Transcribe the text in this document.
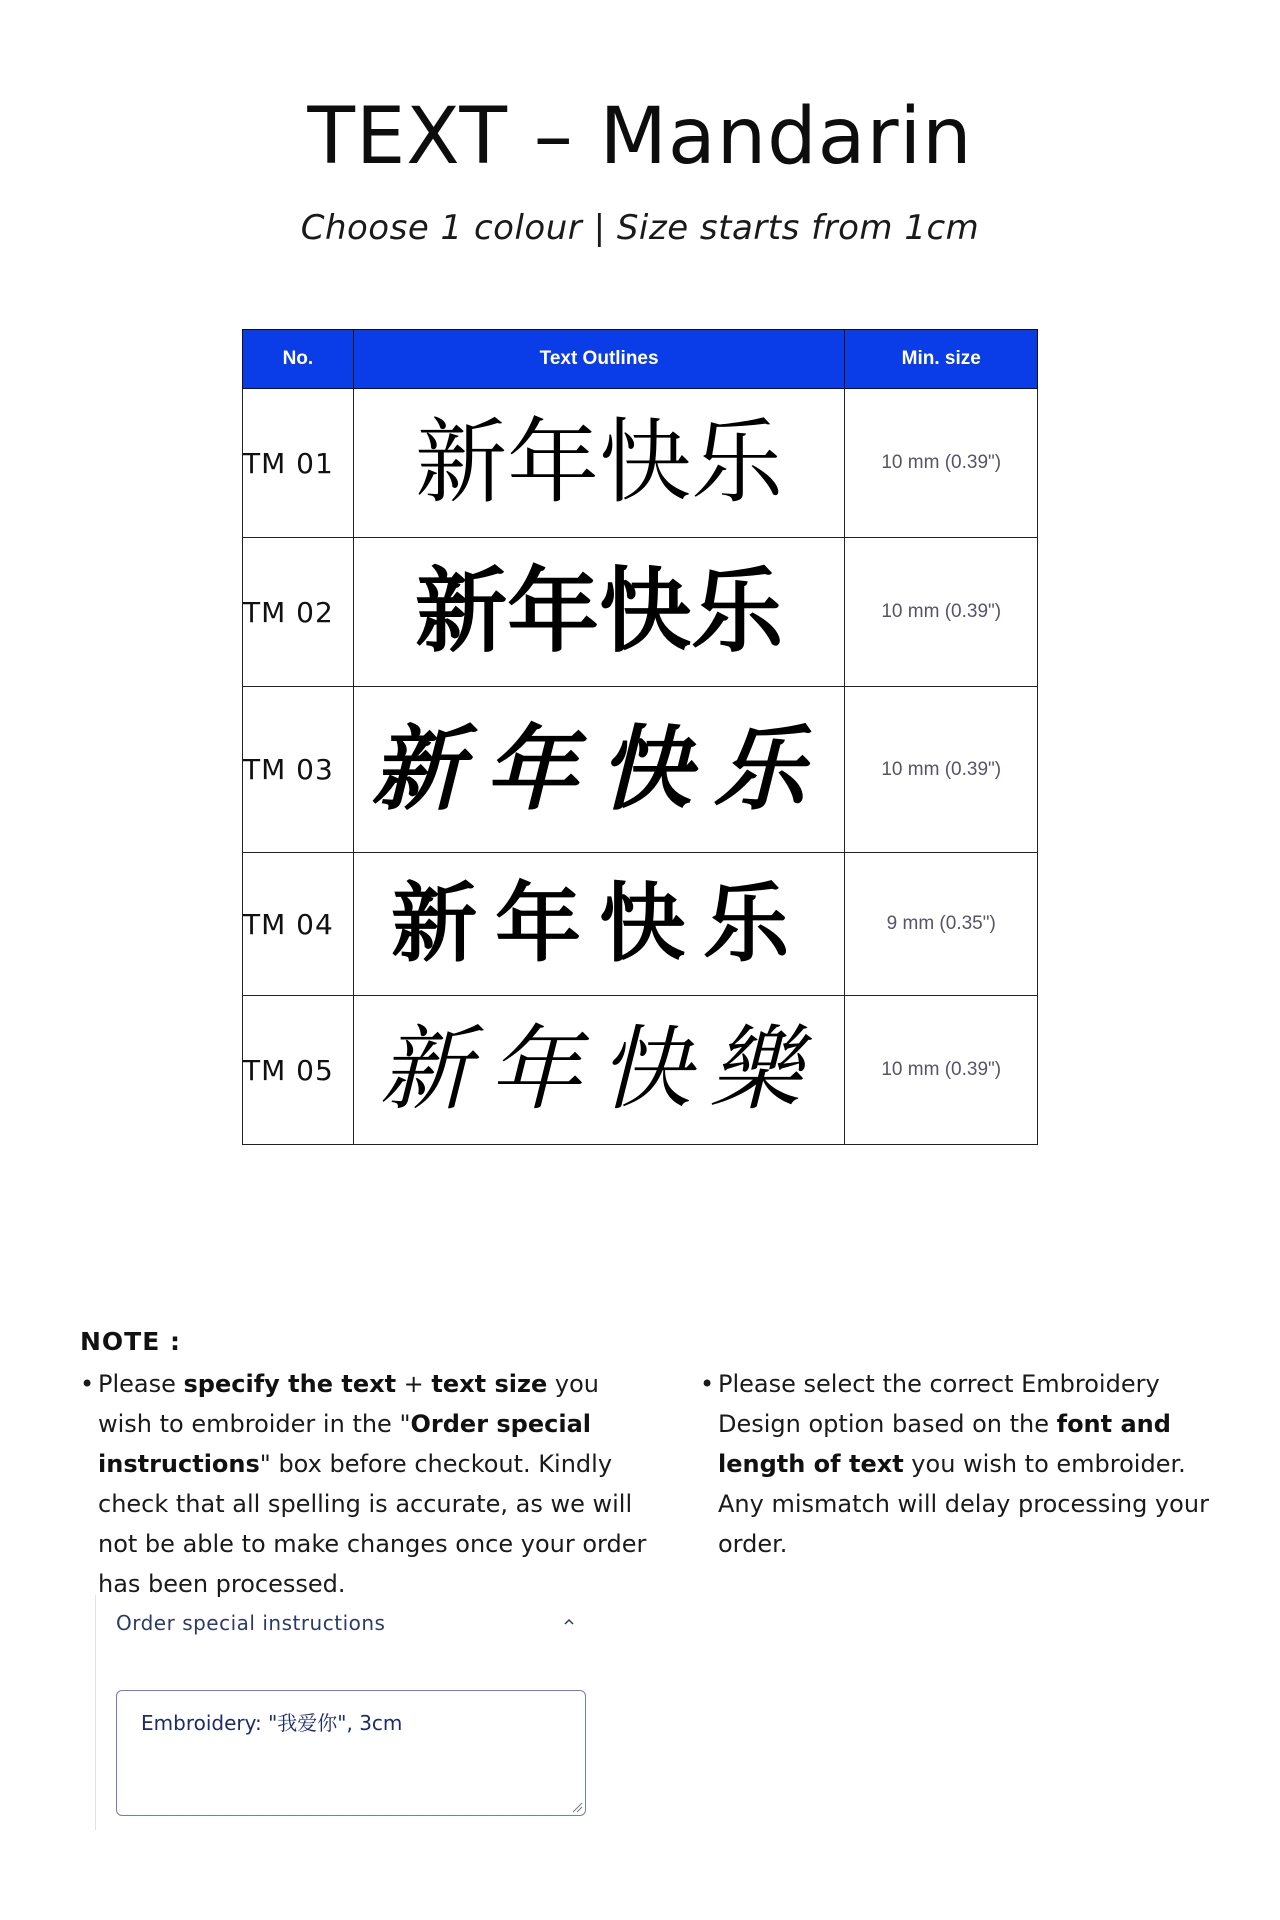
TEXT – Mandarin
Choose 1 colour | Size starts from 1cm
No.	Text Outlines	Min. size
TM 01	新年快乐	10 mm (0.39")
TM 02	新年快乐	10 mm (0.39")
TM 03	新年快乐	10 mm (0.39")
TM 04	新年快乐	9 mm (0.35")
TM 05	新年快樂	10 mm (0.39")
NOTE :
• Please specify the text + text size you wish to embroider in the "Order special instructions" box before checkout. Kindly check that all spelling is accurate, as we will not be able to make changes once your order has been processed.
• Please select the correct Embroidery Design option based on the font and length of text you wish to embroider. Any mismatch will delay processing your order.
Order special instructions
Embroidery: "我爱你", 3cm
